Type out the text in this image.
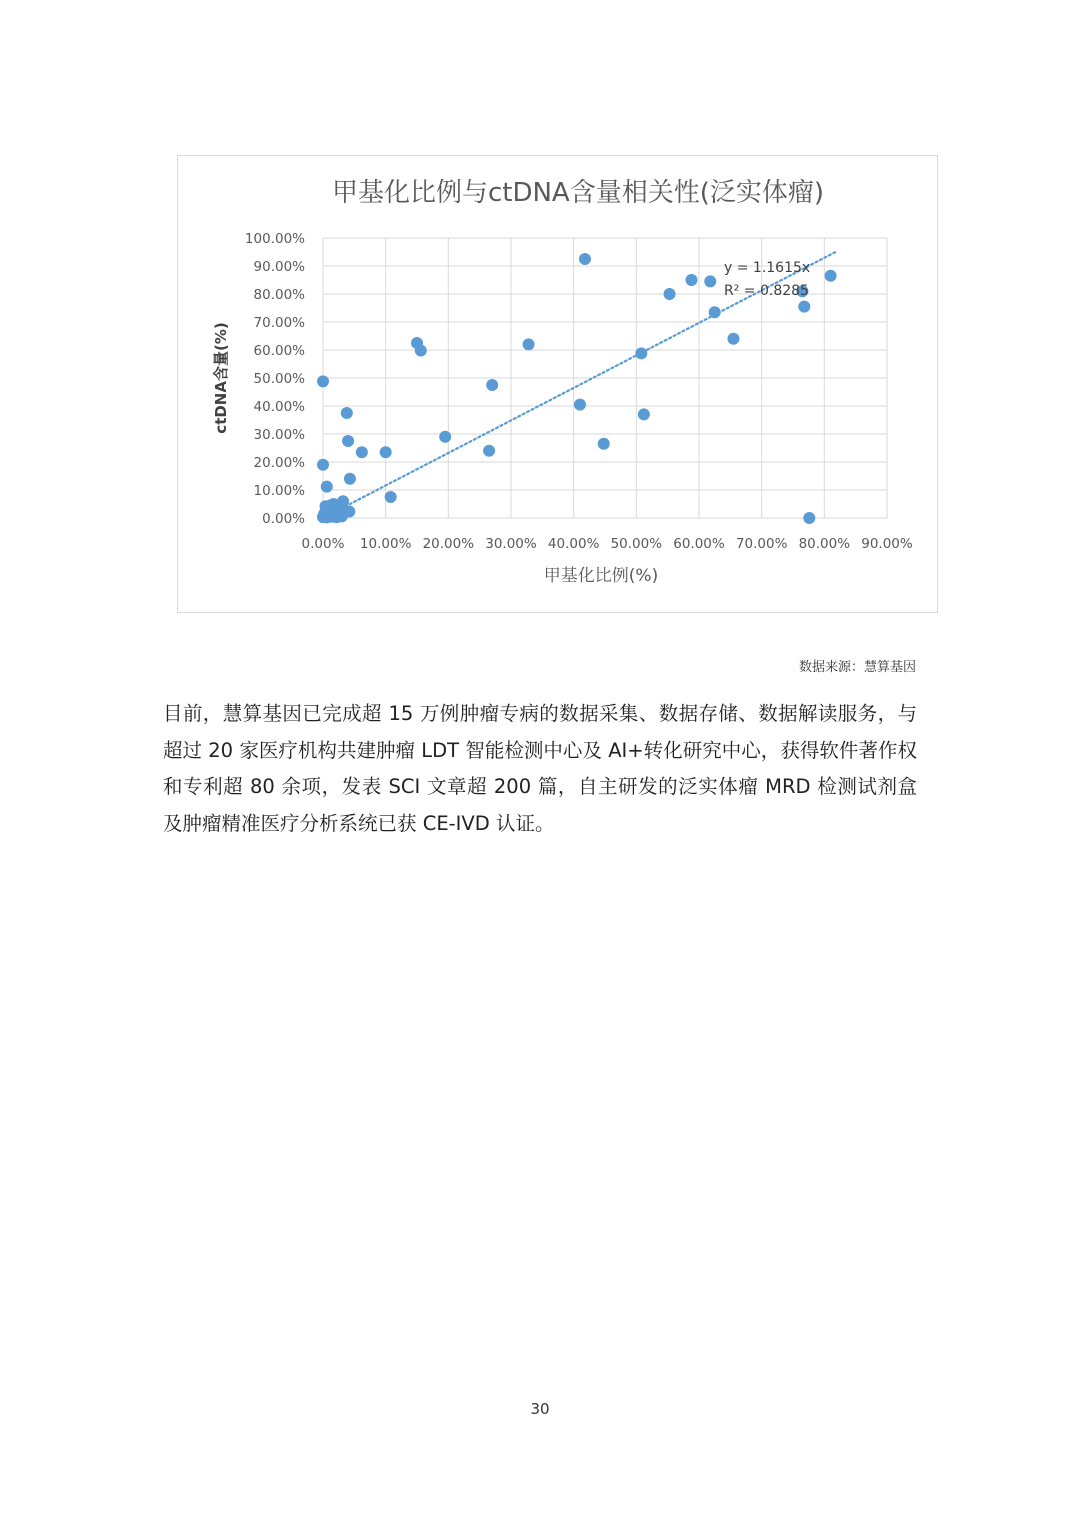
0.00% 10.00% 20.00% 30.00% 40.00% 50.00% 60.00% 70.00% 80.00% 90.00%
0.00%
10.00%
20.00%
30.00%
40.00%
50.00%
60.00%
70.00%
80.00%
90.00%
100.00%
甲基化比例与ctDNA含量相关性(泛实体瘤)
甲基化比例(%)
ctDNA含量(%)
y = 1.1615x
R² = 0.8285
数据来源：慧算基因
目前，慧算基因已完成超 15 万例肿瘤专病的数据采集、数据存储、数据解读服务，与超过 20 家医疗机构共建肿瘤 LDT 智能检测中心及 AI+转化研究中心，获得软件著作权和专利超 80 余项，发表 SCI 文章超 200 篇，自主研发的泛实体瘤 MRD 检测试剂盒及肿瘤精准医疗分析系统已获 CE-IVD 认证。
30
